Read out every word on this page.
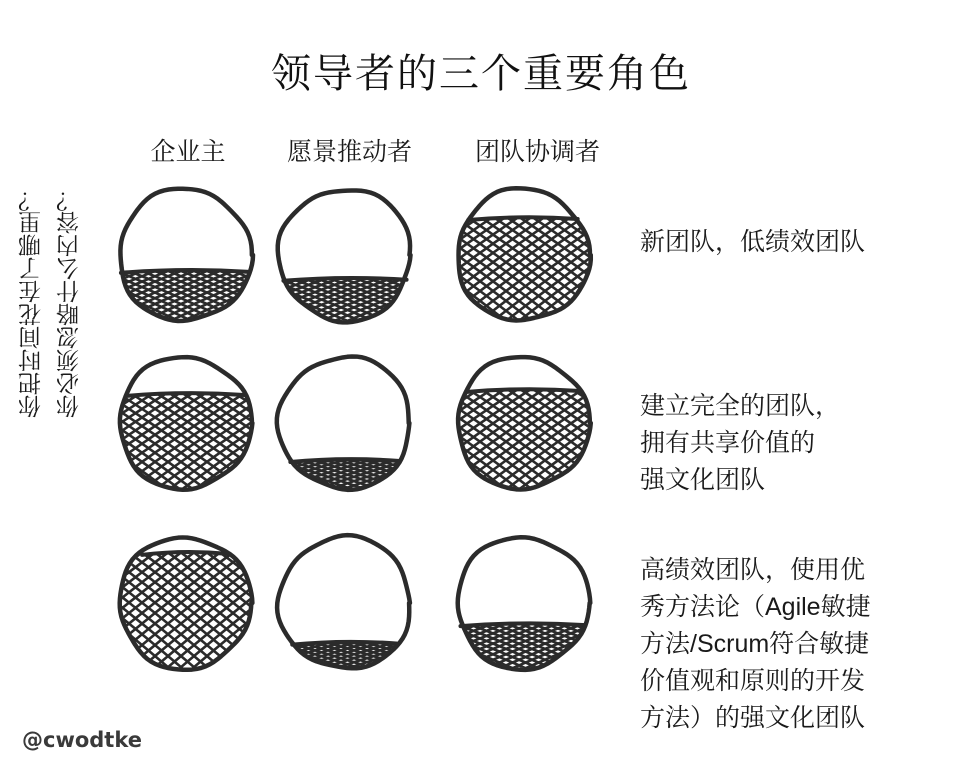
领导者的三个重要角色
企业主	愿景推动者	团队协调者
你把时间花在了哪里？ 你必须忽略什么内容？	新团队，低绩效团队
建立完全的团队，
拥有共享价值的
强文化团队
高绩效团队，使用优
秀方法论（Agile敏捷
方法/Scrum符合敏捷
价值观和原则的开发
方法）的强文化团队
@cwodtke
